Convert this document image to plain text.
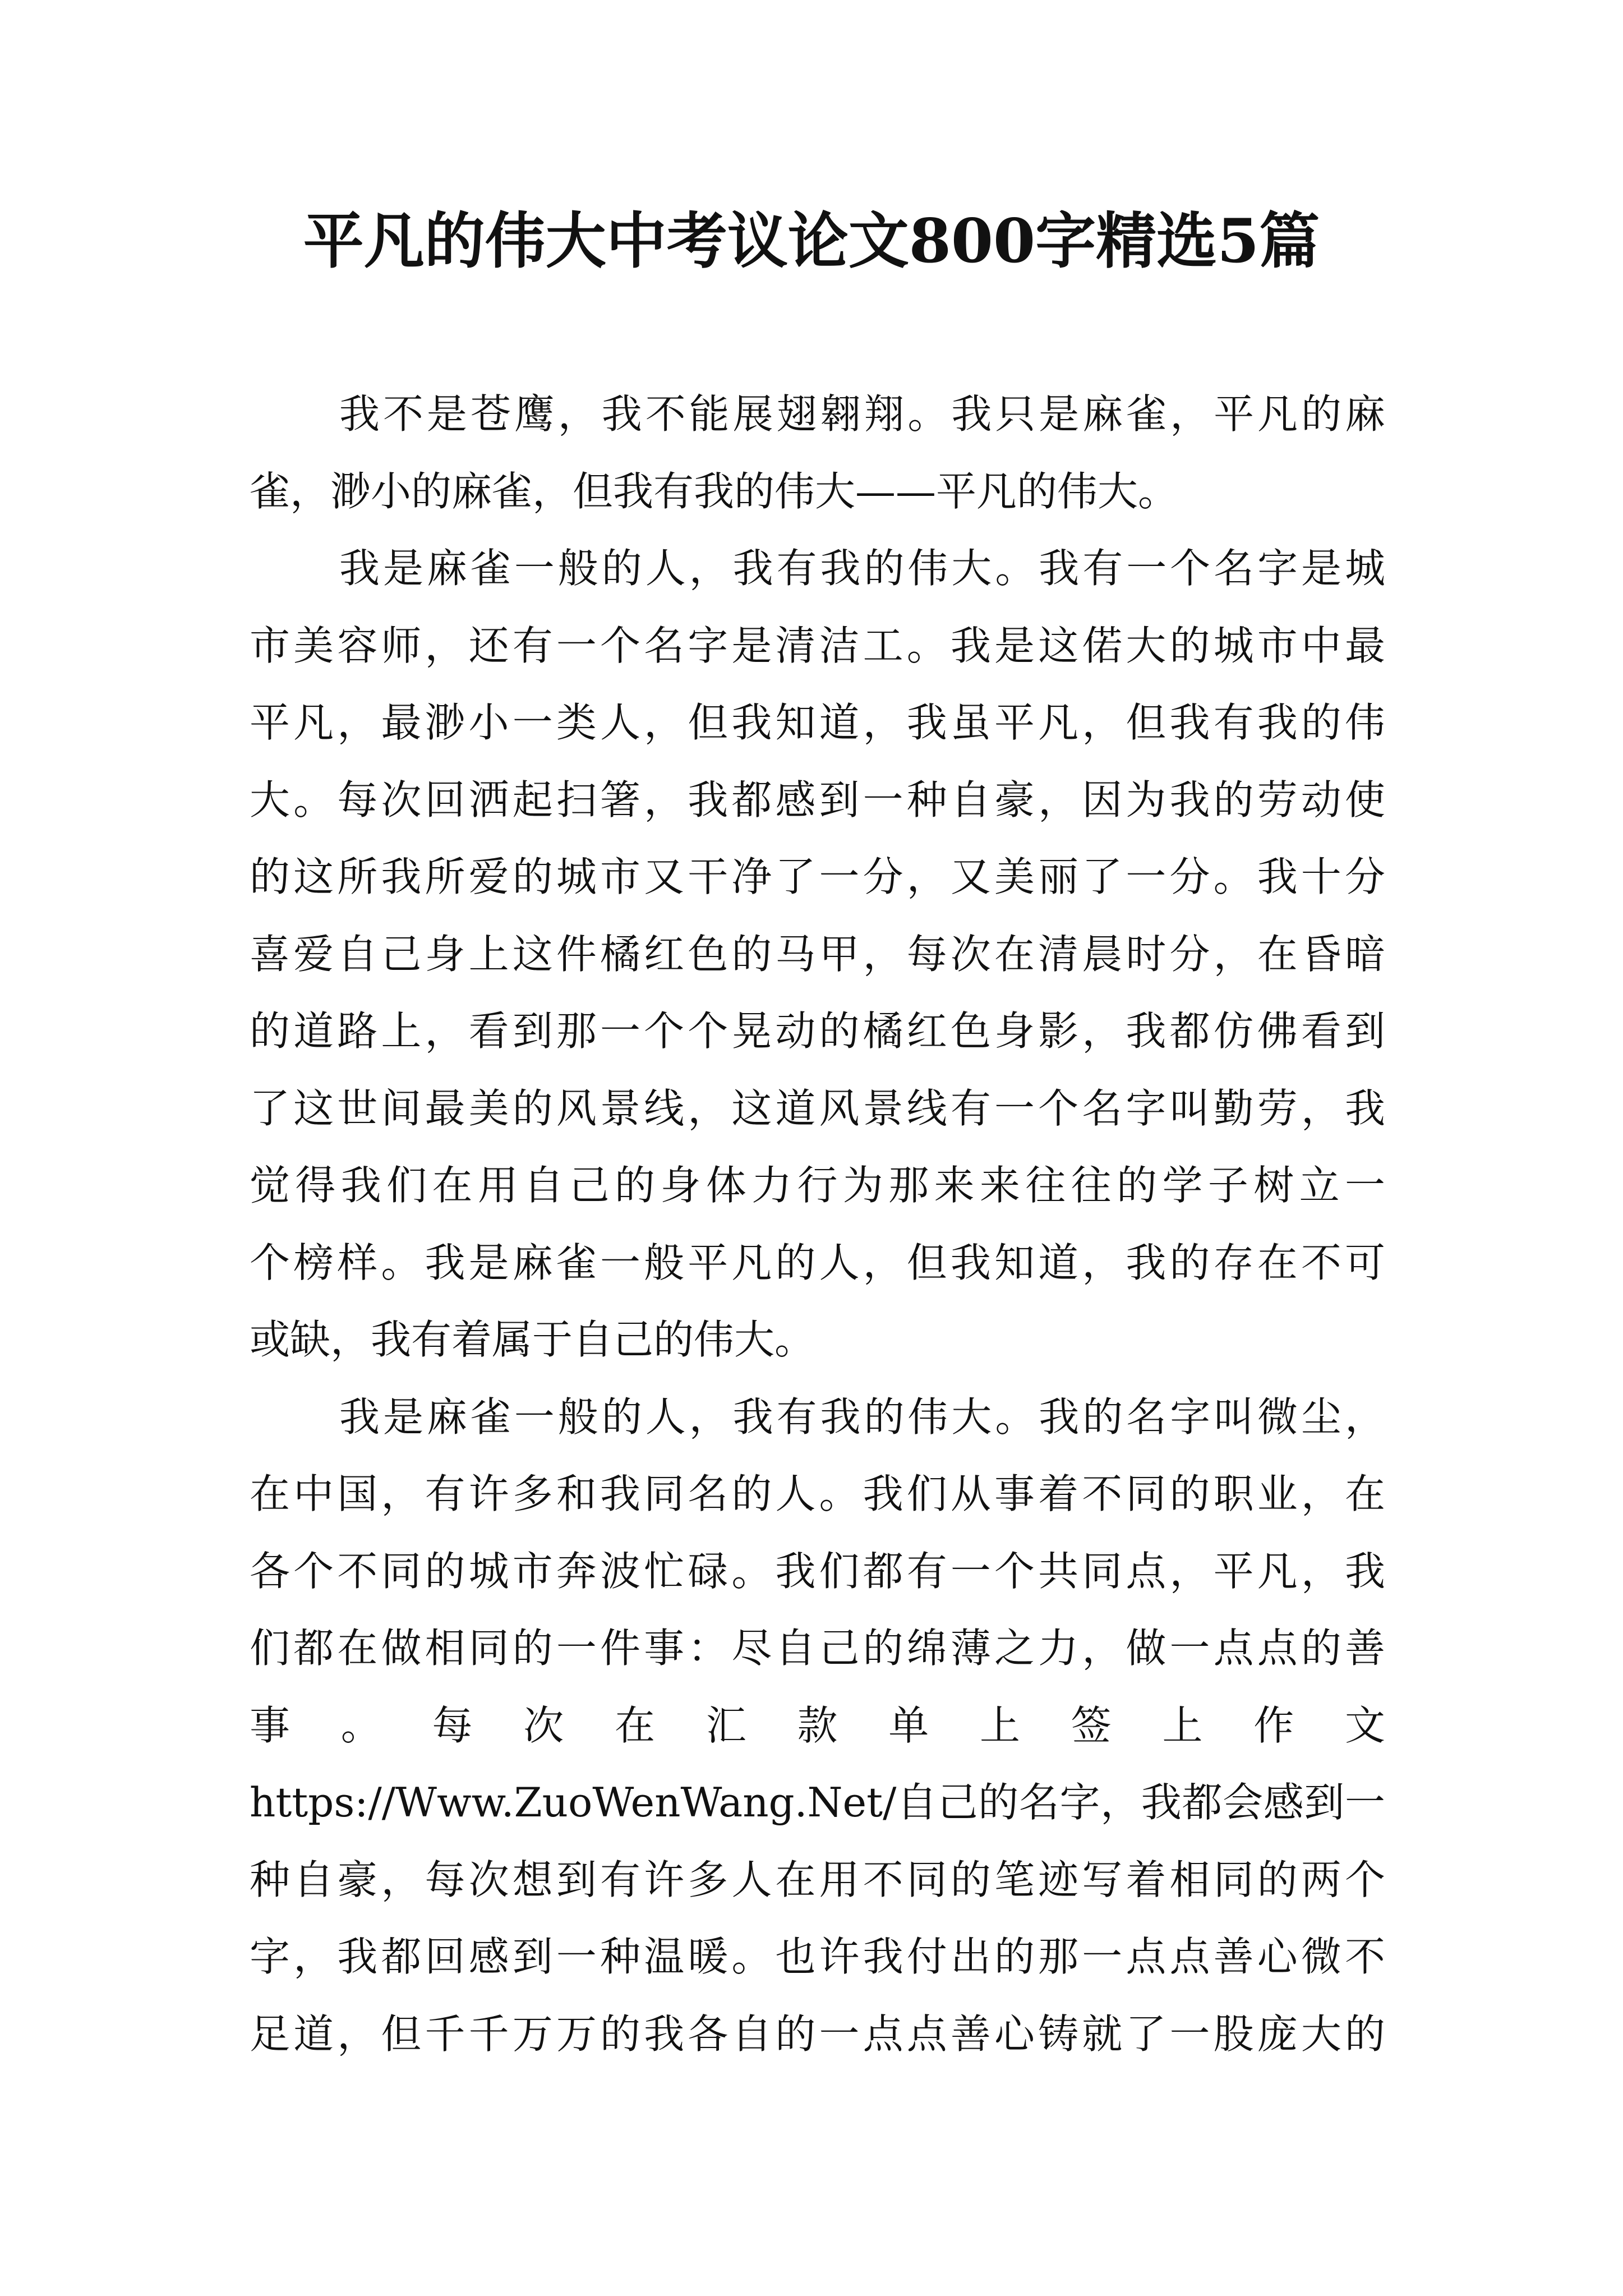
平凡的伟大中考议论文800字精选5篇
我不是苍鹰，我不能展翅翱翔。我只是麻雀，平凡的麻
雀，渺小的麻雀，但我有我的伟大——平凡的伟大。
我是麻雀一般的人，我有我的伟大。我有一个名字是城
市美容师，还有一个名字是清洁工。我是这偌大的城市中最
平凡，最渺小一类人，但我知道，我虽平凡，但我有我的伟
大。每次回洒起扫箸，我都感到一种自豪，因为我的劳动使
的这所我所爱的城市又干净了一分，又美丽了一分。我十分
喜爱自己身上这件橘红色的马甲，每次在清晨时分，在昏暗
的道路上，看到那一个个晃动的橘红色身影，我都仿佛看到
了这世间最美的风景线，这道风景线有一个名字叫勤劳，我
觉得我们在用自己的身体力行为那来来往往的学子树立一
个榜样。我是麻雀一般平凡的人，但我知道，我的存在不可
或缺，我有着属于自己的伟大。
我是麻雀一般的人，我有我的伟大。我的名字叫微尘，
在中国，有许多和我同名的人。我们从事着不同的职业，在
各个不同的城市奔波忙碌。我们都有一个共同点，平凡，我
们都在做相同的一件事：尽自己的绵薄之力，做一点点的善
事 。 每 次 在 汇 款 单 上 签 上 作 文
https://Www.ZuoWenWang.Net/自己的名字，我都会感到一
种自豪，每次想到有许多人在用不同的笔迹写着相同的两个
字，我都回感到一种温暖。也许我付出的那一点点善心微不
足道，但千千万万的我各自的一点点善心铸就了一股庞大的
